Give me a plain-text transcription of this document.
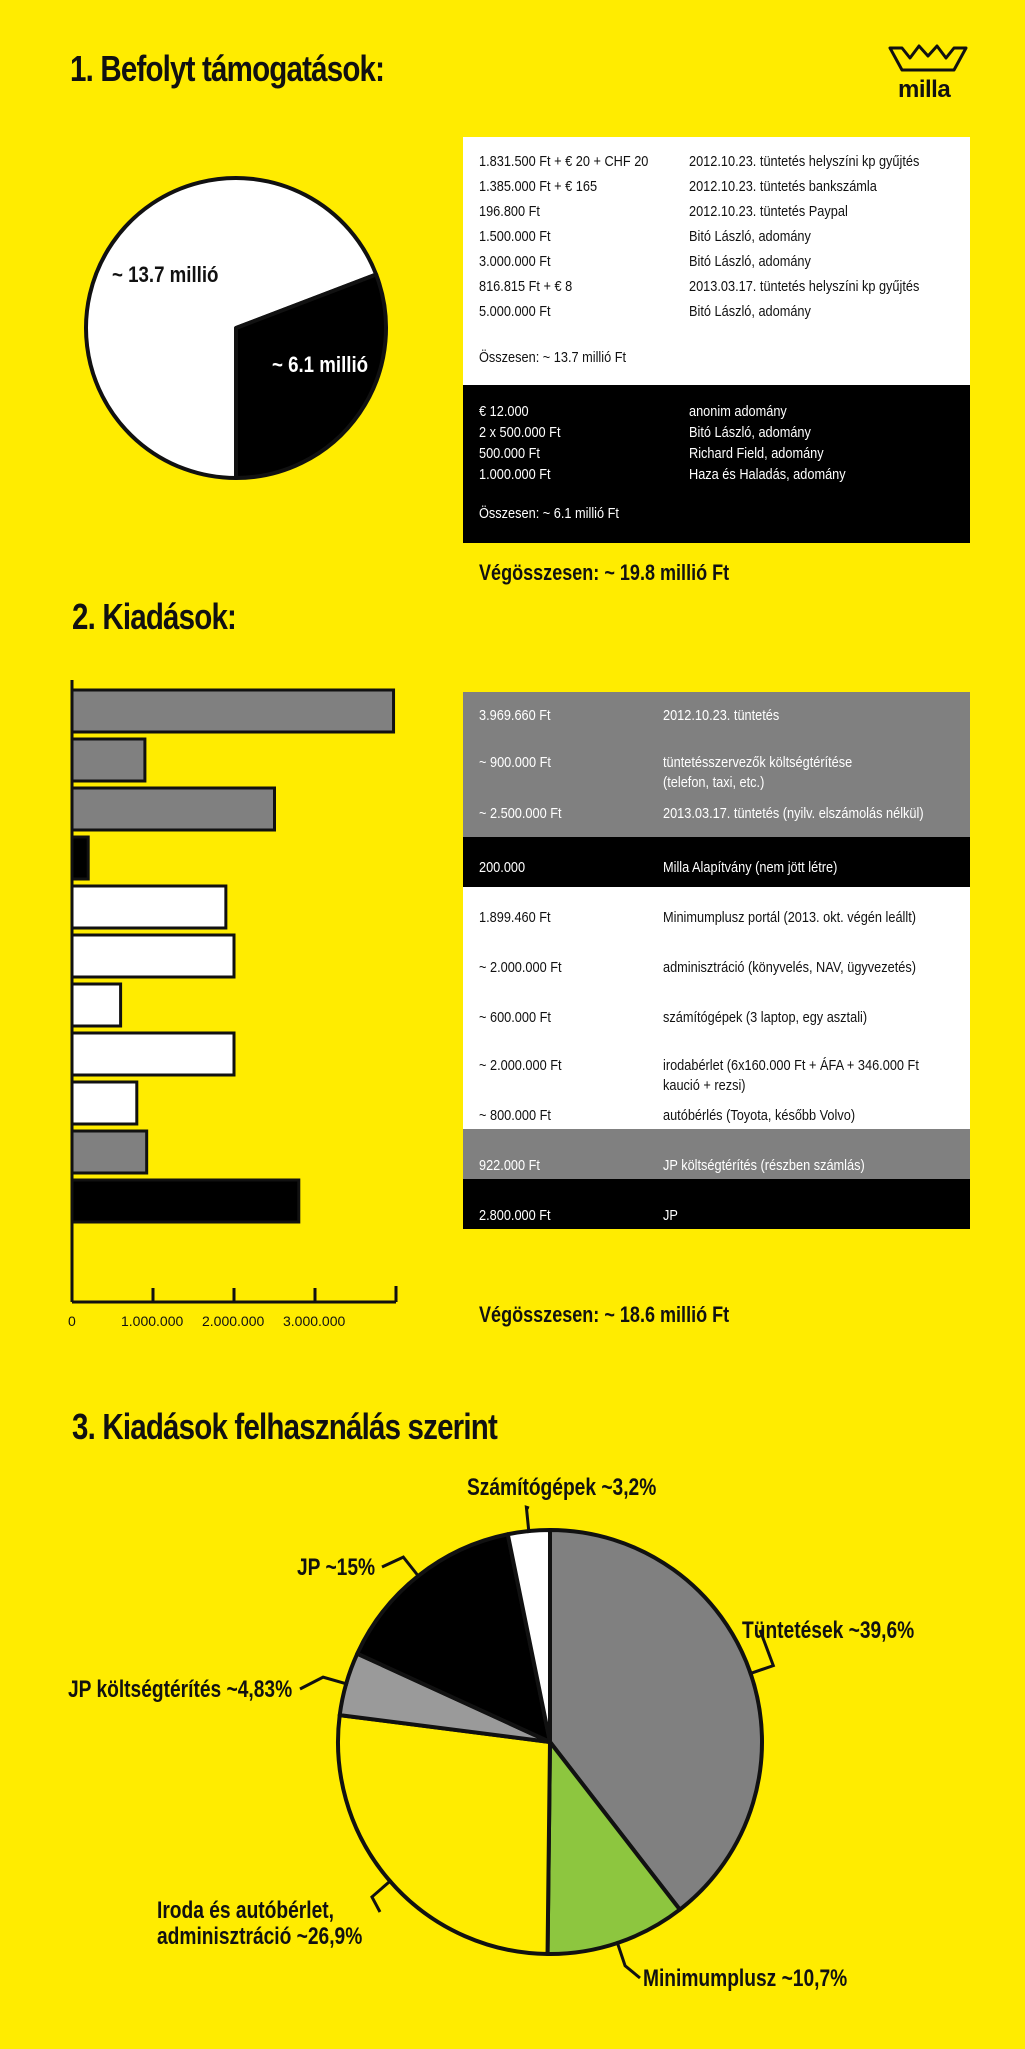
1. Befolyt támogatások:
milla
~ 13.7 millió
~ 6.1 millió
1.831.500 Ft + € 20 + CHF 20	2012.10.23. tüntetés helyszíni kp gyűjtés
1.385.000 Ft + € 165	2012.10.23. tüntetés bankszámla
196.800 Ft	2012.10.23. tüntetés Paypal
1.500.000 Ft	Bitó László, adomány
3.000.000 Ft	Bitó László, adomány
816.815 Ft + € 8	2013.03.17. tüntetés helyszíni kp gyűjtés
5.000.000 Ft	Bitó László, adomány
Összesen: ~ 13.7 millió Ft
€ 12.000	anonim adomány
2 x 500.000 Ft	Bitó László, adomány
500.000 Ft	Richard Field, adomány
1.000.000 Ft	Haza és Haladás, adomány
Összesen: ~ 6.1 millió Ft
Végösszesen: ~ 19.8 millió Ft
2. Kiadások:
0	1.000.000 2.000.000 3.000.000
3.969.660 Ft	2012.10.23. tüntetés
~ 900.000 Ft	tüntetésszervezők költségtérítése
(telefon, taxi, etc.)
~ 2.500.000 Ft	2013.03.17. tüntetés (nyilv. elszámolás nélkül)
200.000	Milla Alapítvány (nem jött létre)
1.899.460 Ft	Minimumplusz portál (2013. okt. végén leállt)
~ 2.000.000 Ft	adminisztráció (könyvelés, NAV, ügyvezetés)
~ 600.000 Ft	számítógépek (3 laptop, egy asztali)
~ 2.000.000 Ft	irodabérlet (6x160.000 Ft + ÁFA + 346.000 Ft
kaució + rezsi)
~ 800.000 Ft	autóbérlés (Toyota, később Volvo)
922.000 Ft	JP költségtérítés (részben számlás)
2.800.000 Ft	JP
Végösszesen: ~ 18.6 millió Ft
3. Kiadások felhasználás szerint
Tüntetések ~39,6%
Minimumplusz ~10,7%
Iroda és autóbérlet,
adminisztráció ~26,9%
JP költségtérítés ~4,83%
JP ~15%
Számítógépek ~3,2%
